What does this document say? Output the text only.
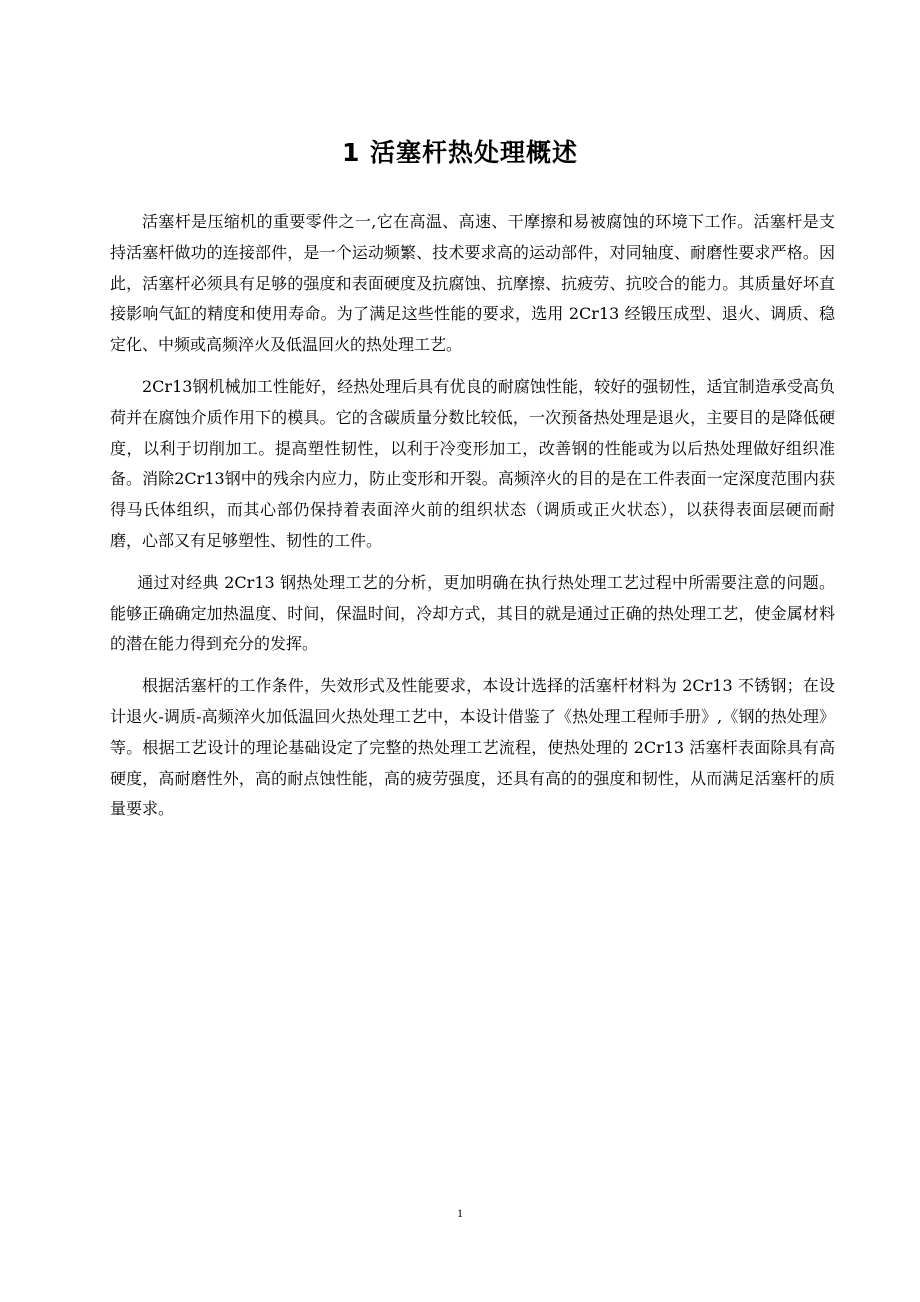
1 活塞杆热处理概述

活塞杆是压缩机的重要零件之一,它在高温、高速、干摩擦和易被腐蚀的环境下工作。活塞杆是支持活塞杆做功的连接部件，是一个运动频繁、技术要求高的运动部件，对同轴度、耐磨性要求严格。因此，活塞杆必须具有足够的强度和表面硬度及抗腐蚀、抗摩擦、抗疲劳、抗咬合的能力。其质量好坏直接影响气缸的精度和使用寿命。为了满足这些性能的要求，选用 2Cr13 经锻压成型、退火、调质、稳定化、中频或高频淬火及低温回火的热处理工艺。

2Cr13钢机械加工性能好，经热处理后具有优良的耐腐蚀性能，较好的强韧性，适宜制造承受高负荷并在腐蚀介质作用下的模具。它的含碳质量分数比较低，一次预备热处理是退火，主要目的是降低硬度，以利于切削加工。提高塑性韧性，以利于冷变形加工，改善钢的性能或为以后热处理做好组织准备。消除2Cr13钢中的残余内应力，防止变形和开裂。高频淬火的目的是在工件表面一定深度范围内获得马氏体组织，而其心部仍保持着表面淬火前的组织状态（调质或正火状态），以获得表面层硬而耐磨，心部又有足够塑性、韧性的工件。

通过对经典 2Cr13 钢热处理工艺的分析，更加明确在执行热处理工艺过程中所需要注意的问题。能够正确确定加热温度、时间，保温时间，冷却方式，其目的就是通过正确的热处理工艺，使金属材料的潜在能力得到充分的发挥。

根据活塞杆的工作条件，失效形式及性能要求，本设计选择的活塞杆材料为 2Cr13 不锈钢；在设计退火-调质-高频淬火加低温回火热处理工艺中，本设计借鉴了《热处理工程师手册》,《钢的热处理》等。根据工艺设计的理论基础设定了完整的热处理工艺流程，使热处理的 2Cr13 活塞杆表面除具有高硬度，高耐磨性外，高的耐点蚀性能，高的疲劳强度，还具有高的的强度和韧性，从而满足活塞杆的质量要求。

1
